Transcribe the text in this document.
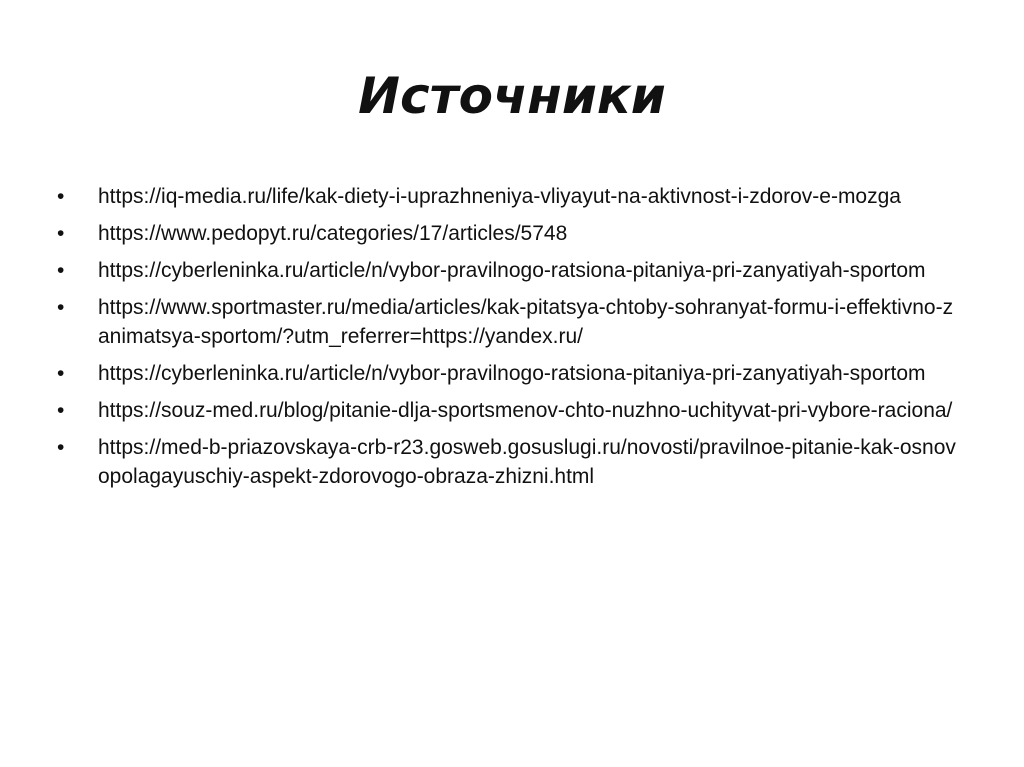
Источники
•	https://iq-media.ru/life/kak-diety-i-uprazhneniya-vliyayut-na-aktivnost-i-zdorov-e-mozga
•	https://www.pedopyt.ru/categories/17/articles/5748
•	https://cyberleninka.ru/article/n/vybor-pravilnogo-ratsiona-pitaniya-pri-zanyatiyah-sportom
•	https://www.sportmaster.ru/media/articles/kak-pitatsya-chtoby-sohranyat-formu-i-effektivno-zanimatsya-sportom/?utm_referrer=https://yandex.ru/
•	https://cyberleninka.ru/article/n/vybor-pravilnogo-ratsiona-pitaniya-pri-zanyatiyah-sportom
•	https://souz-med.ru/blog/pitanie-dlja-sportsmenov-chto-nuzhno-uchityvat-pri-vybore-raciona/
•	https://med-b-priazovskaya-crb-r23.gosweb.gosuslugi.ru/novosti/pravilnoe-pitanie-kak-osnovopolagayuschiy-aspekt-zdorovogo-obraza-zhizni.html
